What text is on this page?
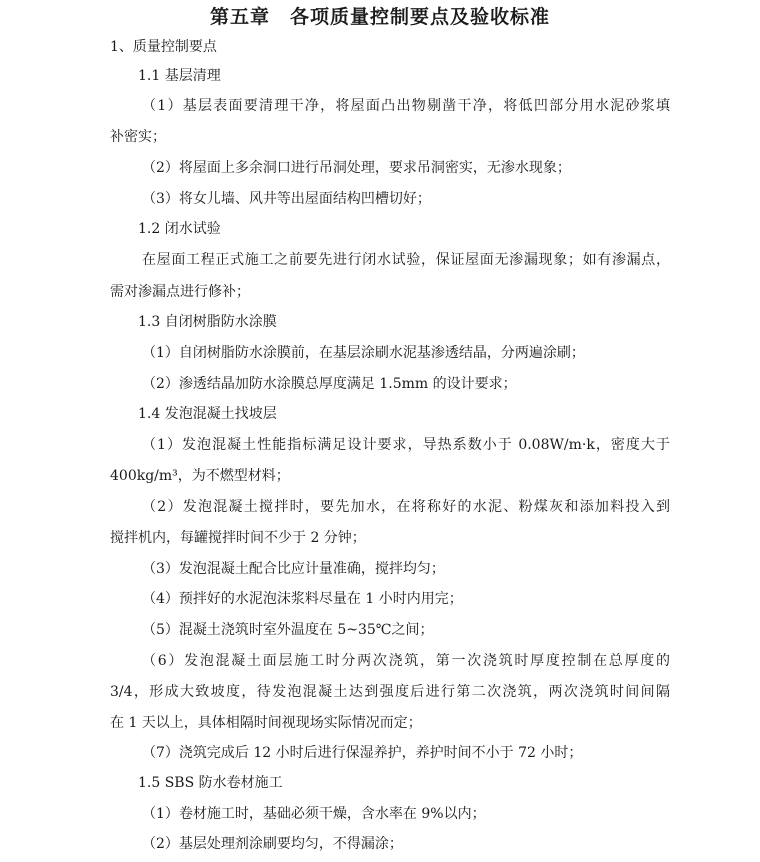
第五章　各项质量控制要点及验收标准
1、质量控制要点
1.1 基层清理
（1）基层表面要清理干净，将屋面凸出物剔凿干净，将低凹部分用水泥砂浆填
补密实；
（2）将屋面上多余洞口进行吊洞处理，要求吊洞密实，无渗水现象；
（3）将女儿墙、风井等出屋面结构凹槽切好；
1.2 闭水试验
在屋面工程正式施工之前要先进行闭水试验，保证屋面无渗漏现象；如有渗漏点，
需对渗漏点进行修补；
1.3 自闭树脂防水涂膜
（1）自闭树脂防水涂膜前，在基层涂刷水泥基渗透结晶，分两遍涂刷；
（2）渗透结晶加防水涂膜总厚度满足 1.5mm 的设计要求；
1.4 发泡混凝土找坡层
（1）发泡混凝土性能指标满足设计要求，导热系数小于 0.08W/m·k，密度大于
400kg/m³，为不燃型材料；
（2）发泡混凝土搅拌时，要先加水，在将称好的水泥、粉煤灰和添加料投入到
搅拌机内，每罐搅拌时间不少于 2 分钟；
（3）发泡混凝土配合比应计量准确，搅拌均匀；
（4）预拌好的水泥泡沫浆料尽量在 1 小时内用完；
（5）混凝土浇筑时室外温度在 5~35℃之间；
（6）发泡混凝土面层施工时分两次浇筑，第一次浇筑时厚度控制在总厚度的
3/4，形成大致坡度，待发泡混凝土达到强度后进行第二次浇筑，两次浇筑时间间隔
在 1 天以上，具体相隔时间视现场实际情况而定；
（7）浇筑完成后 12 小时后进行保湿养护，养护时间不小于 72 小时；
1.5 SBS 防水卷材施工
（1）卷材施工时，基础必须干燥，含水率在 9%以内；
（2）基层处理剂涂刷要均匀，不得漏涂；
